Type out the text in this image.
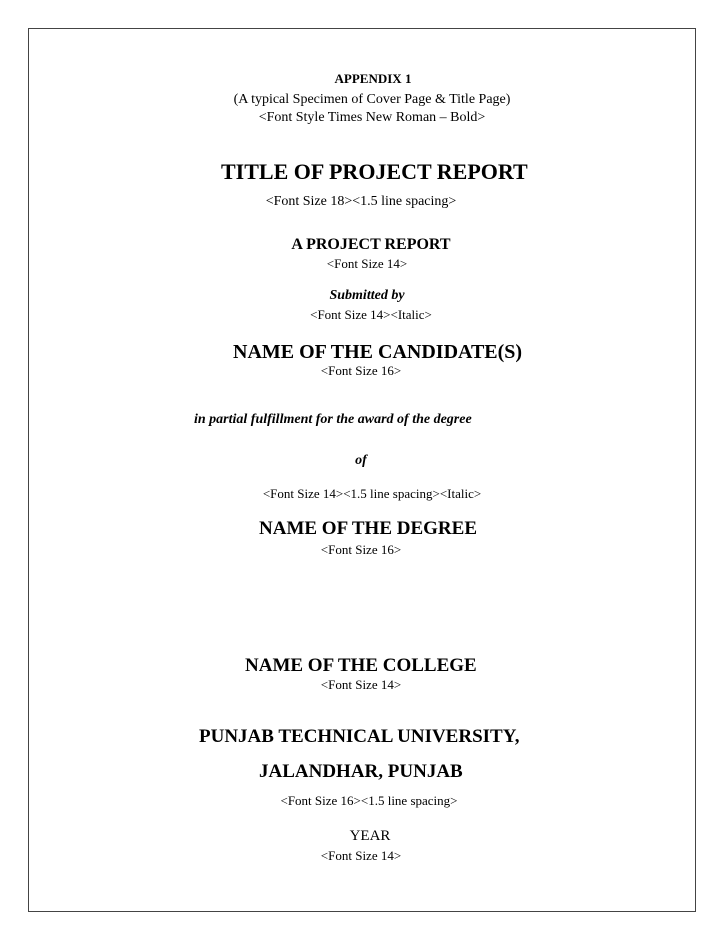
APPENDIX 1
(A typical Specimen of Cover Page & Title Page)
<Font Style Times New Roman – Bold>
TITLE OF PROJECT REPORT
<Font Size 18><1.5 line spacing>
A PROJECT REPORT
<Font Size 14>
Submitted by
<Font Size 14><Italic>
NAME OF THE CANDIDATE(S)
<Font Size 16>
in partial fulfillment for the award of the degree
of
<Font Size 14><1.5 line spacing><Italic>
NAME OF THE DEGREE
<Font Size 16>
NAME OF THE COLLEGE
<Font Size 14>
PUNJAB TECHNICAL UNIVERSITY,
JALANDHAR, PUNJAB
<Font Size 16><1.5 line spacing>
YEAR
<Font Size 14>
